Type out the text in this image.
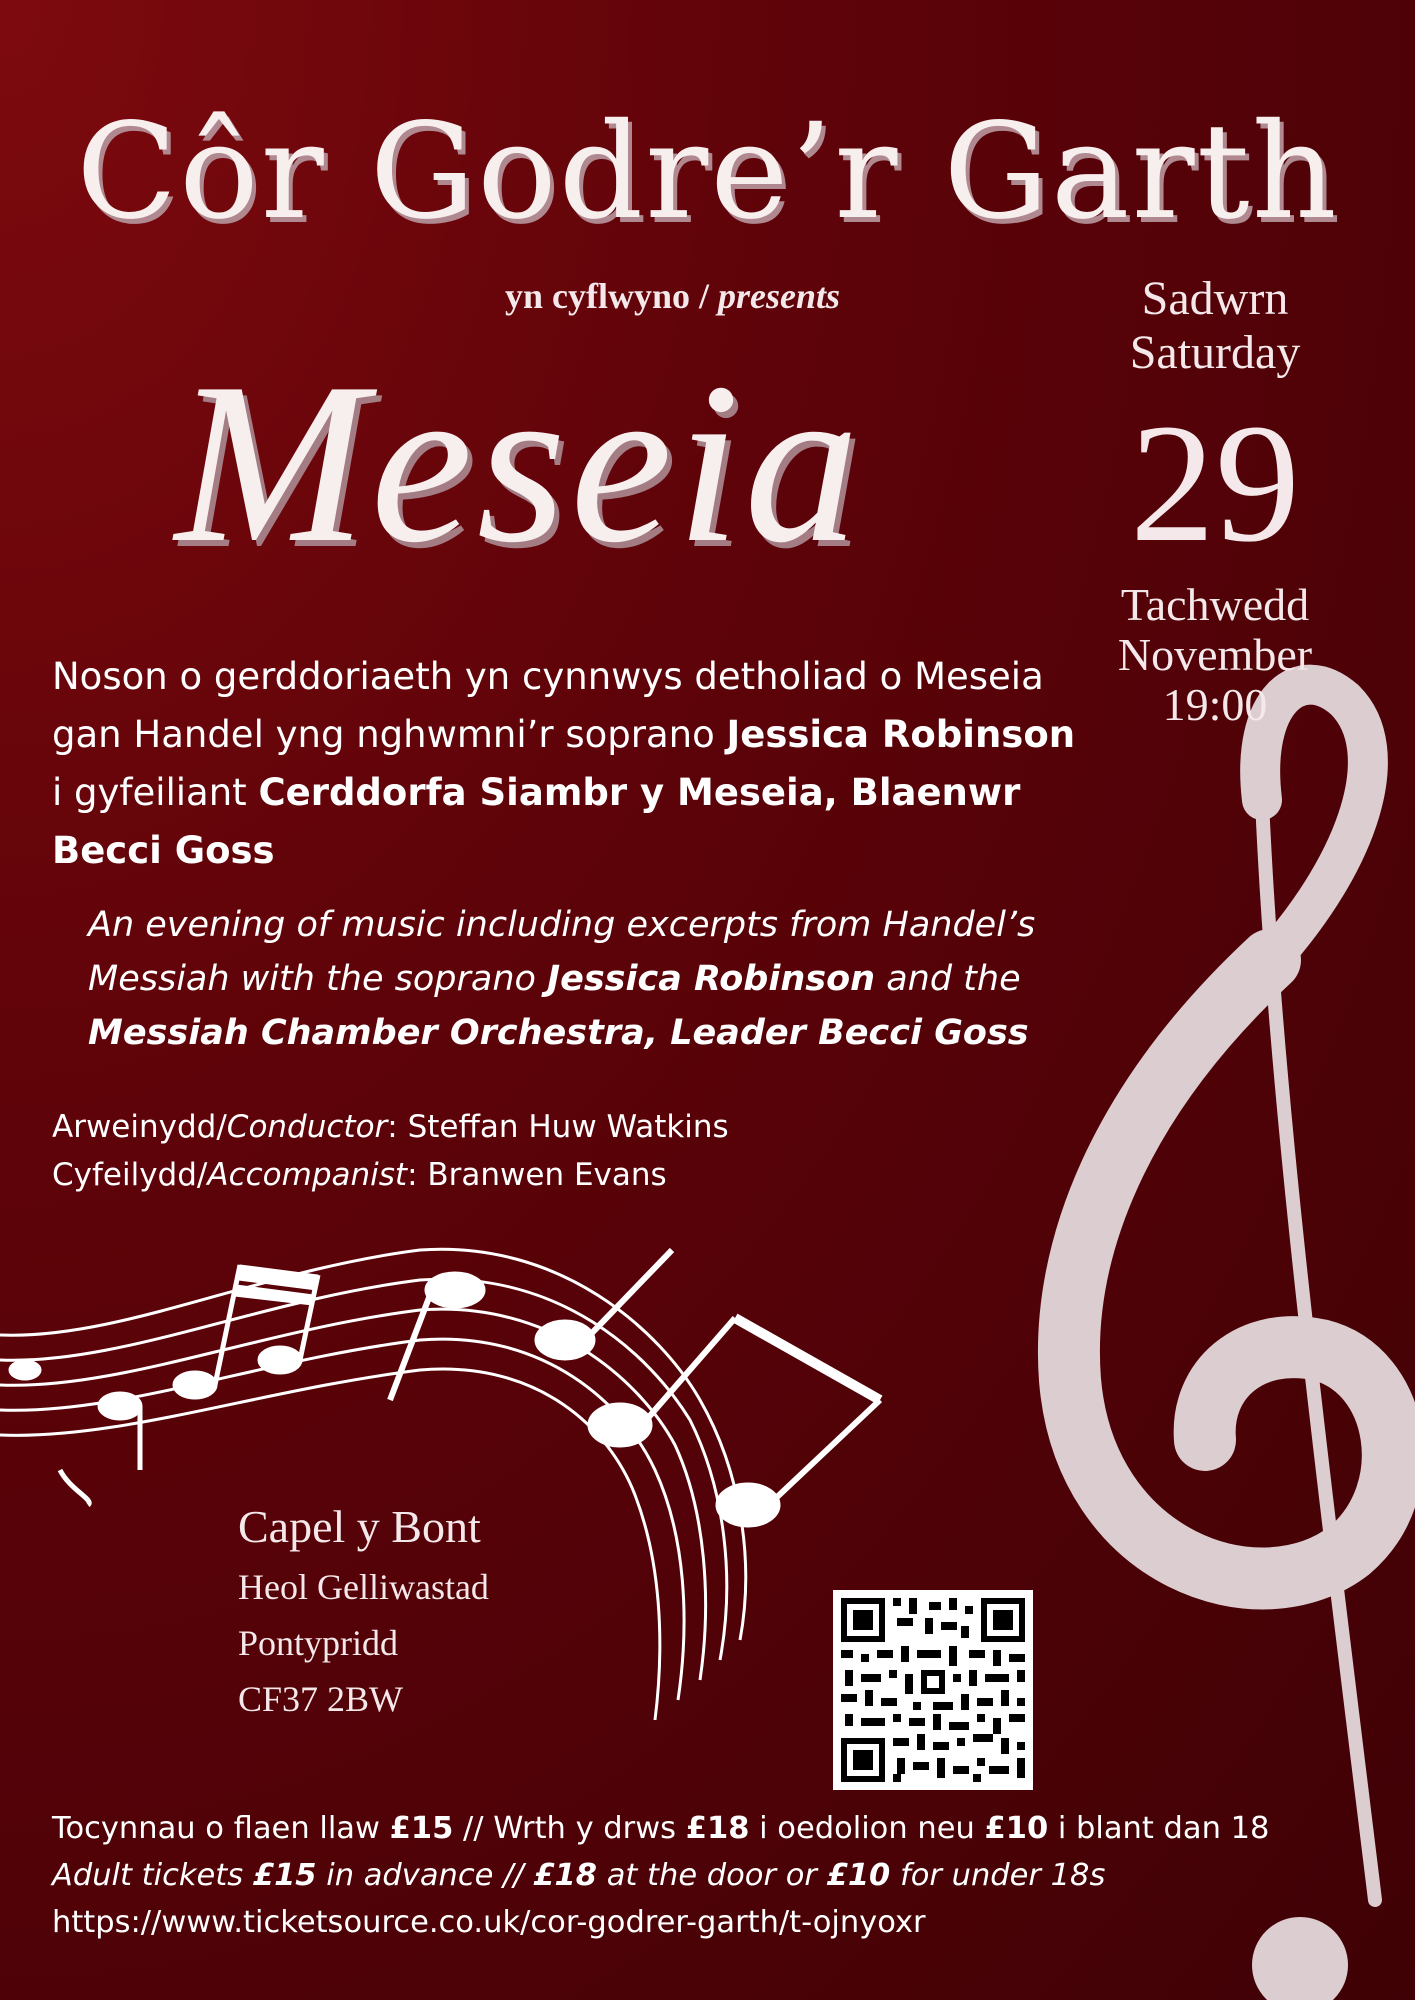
Côr Godre’r Garth
yn cyflwyno / presents
Meseia
Sadwrn
Saturday
29
Tachwedd
November
19:00
Noson o gerddoriaeth yn cynnwys detholiad o Meseia gan Handel yng nghwmni’r soprano Jessica Robinson i gyfeiliant Cerddorfa Siambr y Meseia, Blaenwr Becci Goss
An evening of music including excerpts from Handel’s Messiah with the soprano Jessica Robinson and the Messiah Chamber Orchestra, Leader Becci Goss
Arweinydd/Conductor: Steffan Huw Watkins
Cyfeilydd/Accompanist: Branwen Evans
Capel y Bont
Heol Gelliwastad
Pontypridd
CF37 2BW
Tocynnau o flaen llaw £15 // Wrth y drws £18 i oedolion neu £10 i blant dan 18
Adult tickets £15 in advance // £18 at the door or £10 for under 18s
https://www.ticketsource.co.uk/cor-godrer-garth/t-ojnyoxr
